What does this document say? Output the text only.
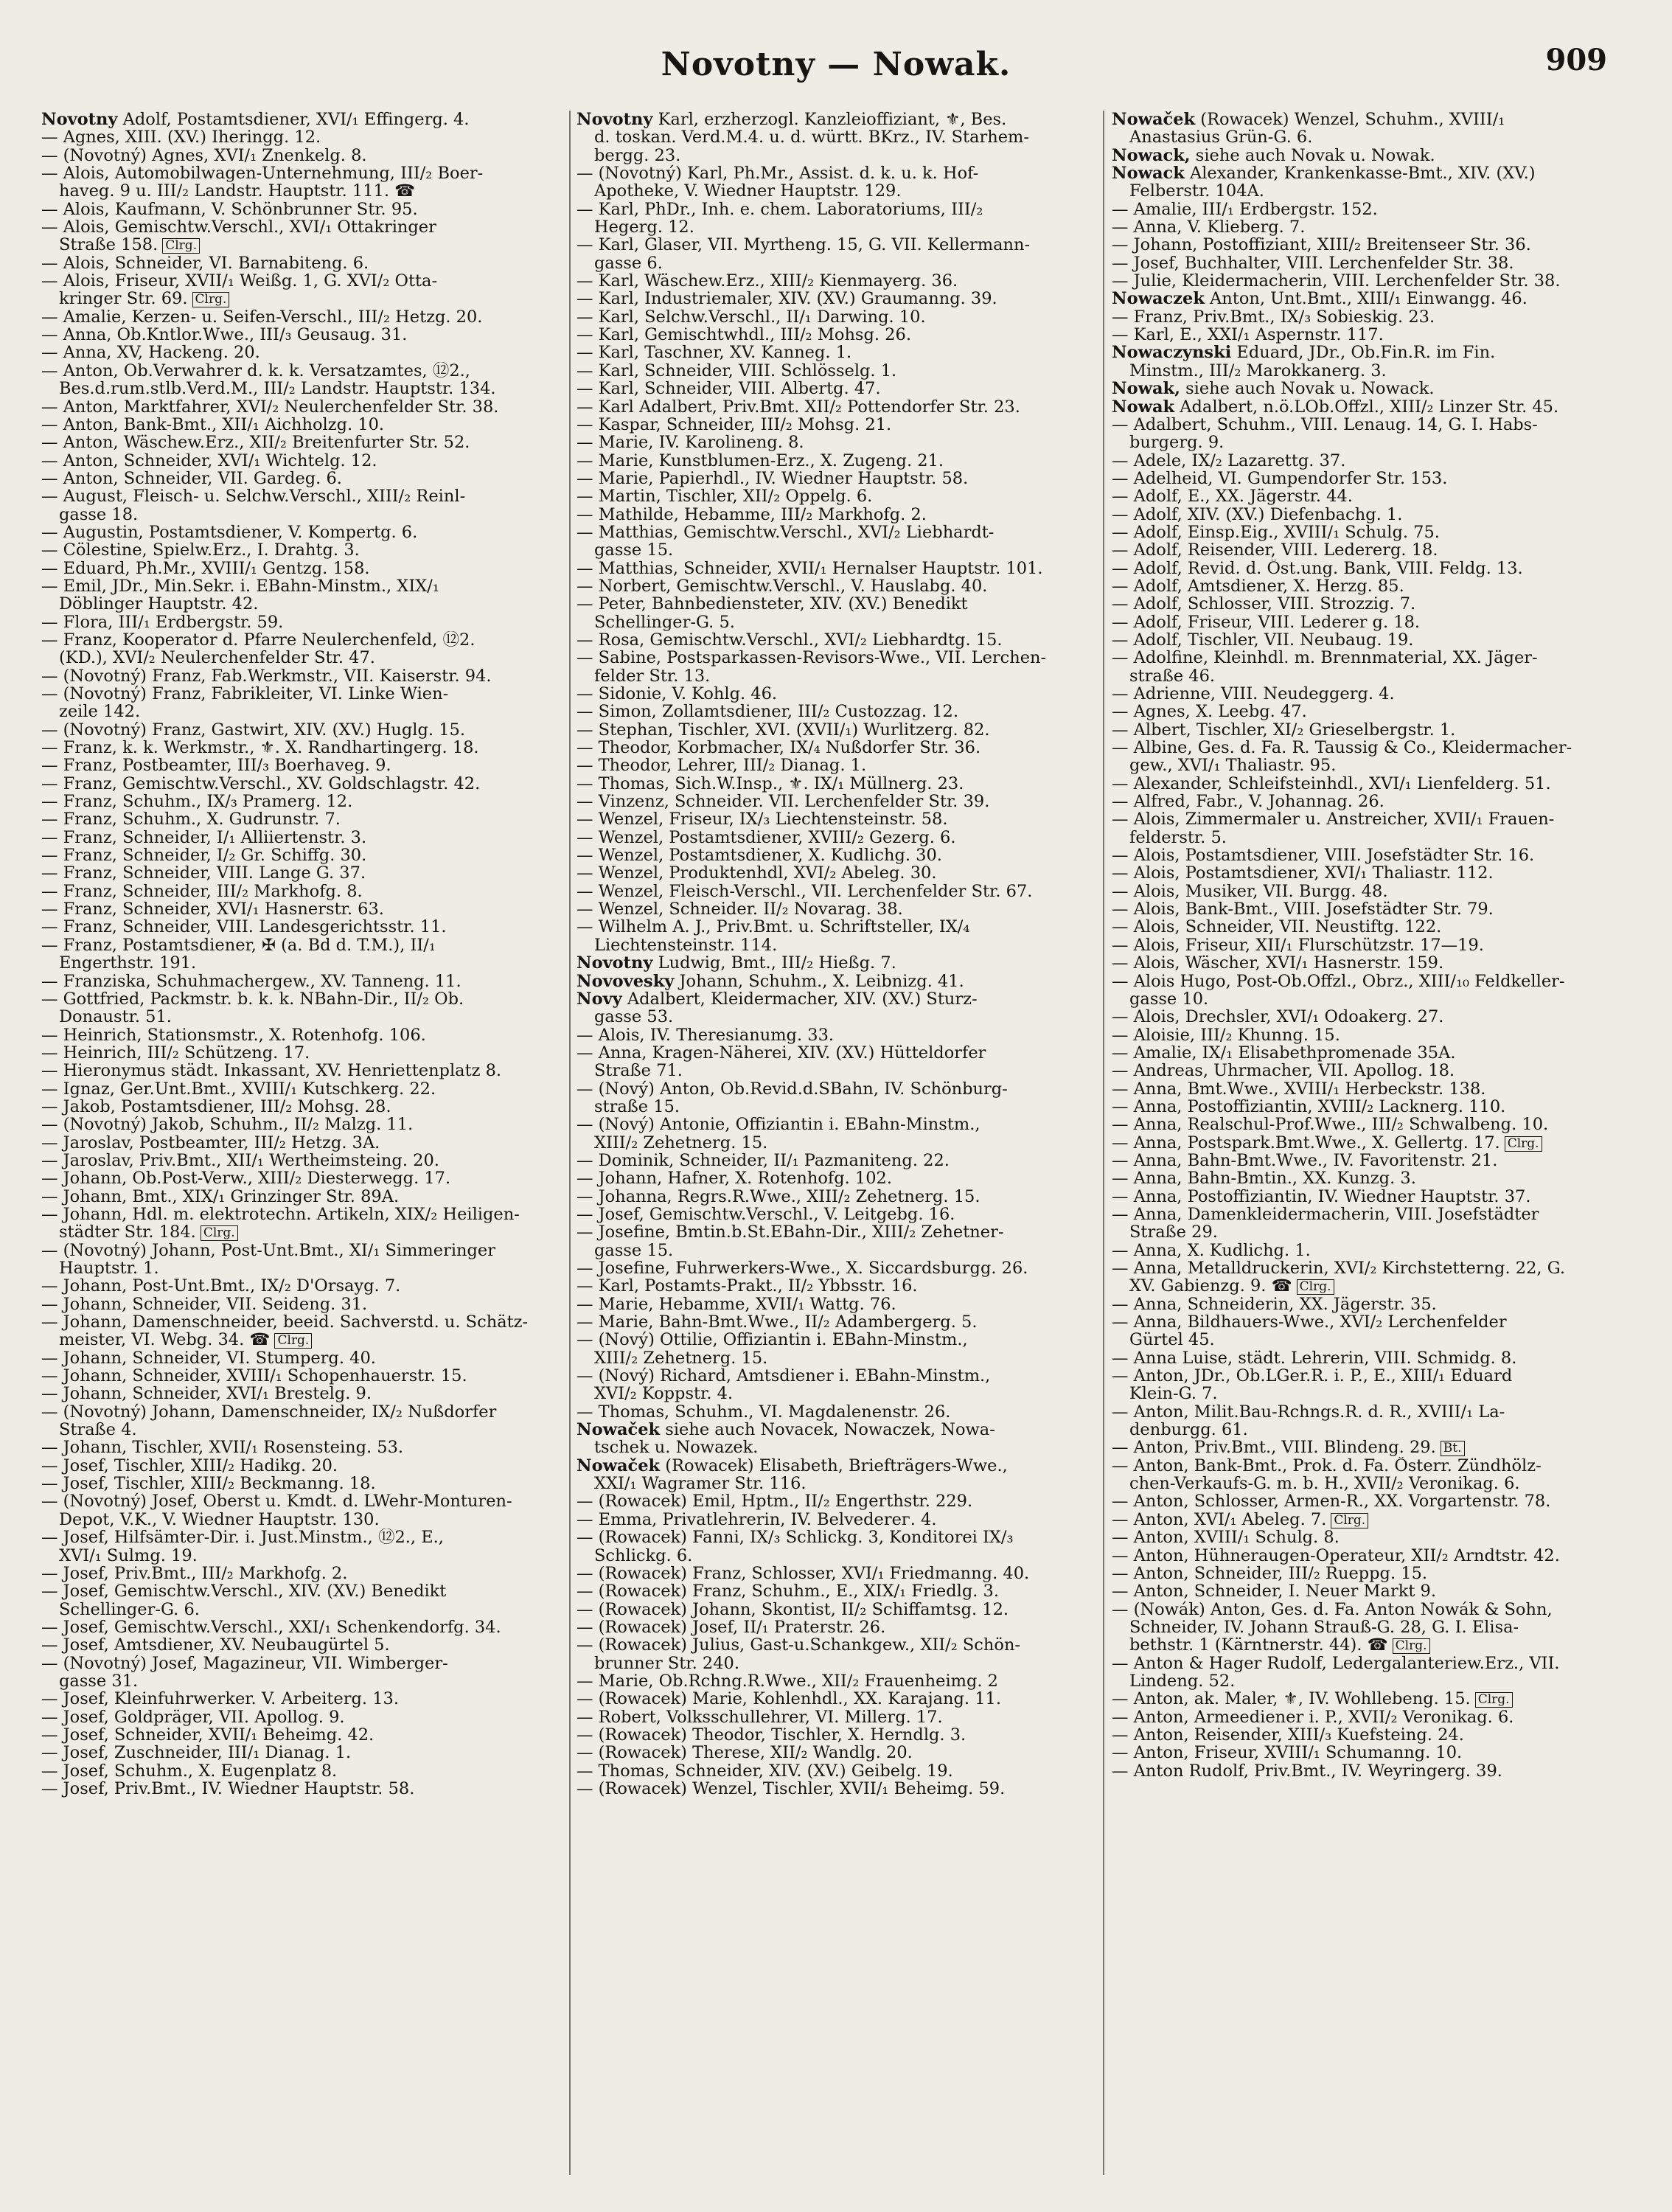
Novotny — Nowak.	909
Novotny Adolf, Postamtsdiener, XVI/₁ Effingerg. 4.
— Agnes, XIII. (XV.) Iheringg. 12.
— (Novotný) Agnes, XVI/₁ Znenkelg. 8.
— Alois, Automobilwagen-Unternehmung, III/₂ Boer-
haveg. 9 u. III/₂ Landstr. Hauptstr. 111. ☎
— Alois, Kaufmann, V. Schönbrunner Str. 95.
— Alois, Gemischtw.Verschl., XVI/₁ Ottakringer
Straße 158. Clrg.
— Alois, Schneider, VI. Barnabiteng. 6.
— Alois, Friseur, XVII/₁ Weißg. 1, G. XVI/₂ Otta-
kringer Str. 69. Clrg.
— Amalie, Kerzen- u. Seifen-Verschl., III/₂ Hetzg. 20.
— Anna, Ob.Kntlor.Wwe., III/₃ Geusaug. 31.
— Anna, XV, Hackeng. 20.
— Anton, Ob.Verwahrer d. k. k. Versatzamtes, ⑫2.,
Bes.d.rum.stlb.Verd.M., III/₂ Landstr. Hauptstr. 134.
— Anton, Marktfahrer, XVI/₂ Neulerchenfelder Str. 38.
— Anton, Bank-Bmt., XII/₁ Aichholzg. 10.
— Anton, Wäschew.Erz., XII/₂ Breitenfurter Str. 52.
— Anton, Schneider, XVI/₁ Wichtelg. 12.
— Anton, Schneider, VII. Gardeg. 6.
— August, Fleisch- u. Selchw.Verschl., XIII/₂ Reinl-
gasse 18.
— Augustin, Postamtsdiener, V. Kompertg. 6.
— Cölestine, Spielw.Erz., I. Drahtg. 3.
— Eduard, Ph.Mr., XVIII/₁ Gentzg. 158.
— Emil, JDr., Min.Sekr. i. EBahn-Minstm., XIX/₁
Döblinger Hauptstr. 42.
— Flora, III/₁ Erdbergstr. 59.
— Franz, Kooperator d. Pfarre Neulerchenfeld, ⑫2.
(KD.), XVI/₂ Neulerchenfelder Str. 47.
— (Novotný) Franz, Fab.Werkmstr., VII. Kaiserstr. 94.
— (Novotný) Franz, Fabrikleiter, VI. Linke Wien-
zeile 142.
— (Novotný) Franz, Gastwirt, XIV. (XV.) Huglg. 15.
— Franz, k. k. Werkmstr., ⚜. X. Randhartingerg. 18.
— Franz, Postbeamter, III/₃ Boerhaveg. 9.
— Franz, Gemischtw.Verschl., XV. Goldschlagstr. 42.
— Franz, Schuhm., IX/₃ Pramerg. 12.
— Franz, Schuhm., X. Gudrunstr. 7.
— Franz, Schneider, I/₁ Alliiertenstr. 3.
— Franz, Schneider, I/₂ Gr. Schiffg. 30.
— Franz, Schneider, VIII. Lange G. 37.
— Franz, Schneider, III/₂ Markhofg. 8.
— Franz, Schneider, XVI/₁ Hasnerstr. 63.
— Franz, Schneider, VIII. Landesgerichtsstr. 11.
— Franz, Postamtsdiener, ✠ (a. Bd d. T.M.), II/₁
Engerthstr. 191.
— Franziska, Schuhmachergew., XV. Tanneng. 11.
— Gottfried, Packmstr. b. k. k. NBahn-Dir., II/₂ Ob.
Donaustr. 51.
— Heinrich, Stationsmstr., X. Rotenhofg. 106.
— Heinrich, III/₂ Schützeng. 17.
— Hieronymus städt. Inkassant, XV. Henriettenplatz 8.
— Ignaz, Ger.Unt.Bmt., XVIII/₁ Kutschkerg. 22.
— Jakob, Postamtsdiener, III/₂ Mohsg. 28.
— (Novotný) Jakob, Schuhm., II/₂ Malzg. 11.
— Jaroslav, Postbeamter, III/₂ Hetzg. 3A.
— Jaroslav, Priv.Bmt., XII/₁ Wertheimsteing. 20.
— Johann, Ob.Post-Verw., XIII/₂ Diesterwegg. 17.
— Johann, Bmt., XIX/₁ Grinzinger Str. 89A.
— Johann, Hdl. m. elektrotechn. Artikeln, XIX/₂ Heiligen-
städter Str. 184. Clrg.
— (Novotný) Johann, Post-Unt.Bmt., XI/₁ Simmeringer
Hauptstr. 1.
— Johann, Post-Unt.Bmt., IX/₂ D'Orsayg. 7.
— Johann, Schneider, VII. Seideng. 31.
— Johann, Damenschneider, beeid. Sachverstd. u. Schätz-
meister, VI. Webg. 34. ☎ Clrg.
— Johann, Schneider, VI. Stumperg. 40.
— Johann, Schneider, XVIII/₁ Schopenhauerstr. 15.
— Johann, Schneider, XVI/₁ Brestelg. 9.
— (Novotný) Johann, Damenschneider, IX/₂ Nußdorfer
Straße 4.
— Johann, Tischler, XVII/₁ Rosensteing. 53.
— Josef, Tischler, XIII/₂ Hadikg. 20.
— Josef, Tischler, XIII/₂ Beckmanng. 18.
— (Novotný) Josef, Oberst u. Kmdt. d. LWehr-Monturen-
Depot, V.K., V. Wiedner Hauptstr. 130.
— Josef, Hilfsämter-Dir. i. Just.Minstm., ⑫2., E.,
XVI/₁ Sulmg. 19.
— Josef, Priv.Bmt., III/₂ Markhofg. 2.
— Josef, Gemischtw.Verschl., XIV. (XV.) Benedikt
Schellinger-G. 6.
— Josef, Gemischtw.Verschl., XXI/₁ Schenkendorfg. 34.
— Josef, Amtsdiener, XV. Neubaugürtel 5.
— (Novotný) Josef, Magazineur, VII. Wimberger-
gasse 31.
— Josef, Kleinfuhrwerker. V. Arbeiterg. 13.
— Josef, Goldpräger, VII. Apollog. 9.
— Josef, Schneider, XVII/₁ Beheimg. 42.
— Josef, Zuschneider, III/₁ Dianag. 1.
— Josef, Schuhm., X. Eugenplatz 8.
— Josef, Priv.Bmt., IV. Wiedner Hauptstr. 58.
Novotny Karl, erzherzogl. Kanzleioffiziant, ⚜, Bes.
d. toskan. Verd.M.4. u. d. württ. BKrz., IV. Starhem-
bergg. 23.
— (Novotný) Karl, Ph.Mr., Assist. d. k. u. k. Hof-
Apotheke, V. Wiedner Hauptstr. 129.
— Karl, PhDr., Inh. e. chem. Laboratoriums, III/₂
Hegerg. 12.
— Karl, Glaser, VII. Myrtheng. 15, G. VII. Kellermann-
gasse 6.
— Karl, Wäschew.Erz., XIII/₂ Kienmayerg. 36.
— Karl, Industriemaler, XIV. (XV.) Graumanng. 39.
— Karl, Selchw.Verschl., II/₁ Darwing. 10.
— Karl, Gemischtwhdl., III/₂ Mohsg. 26.
— Karl, Taschner, XV. Kanneg. 1.
— Karl, Schneider, VIII. Schlösselg. 1.
— Karl, Schneider, VIII. Albertg. 47.
— Karl Adalbert, Priv.Bmt. XII/₂ Pottendorfer Str. 23.
— Kaspar, Schneider, III/₂ Mohsg. 21.
— Marie, IV. Karolineng. 8.
— Marie, Kunstblumen-Erz., X. Zugeng. 21.
— Marie, Papierhdl., IV. Wiedner Hauptstr. 58.
— Martin, Tischler, XII/₂ Oppelg. 6.
— Mathilde, Hebamme, III/₂ Markhofg. 2.
— Matthias, Gemischtw.Verschl., XVI/₂ Liebhardt-
gasse 15.
— Matthias, Schneider, XVII/₁ Hernalser Hauptstr. 101.
— Norbert, Gemischtw.Verschl., V. Hauslabg. 40.
— Peter, Bahnbediensteter, XIV. (XV.) Benedikt
Schellinger-G. 5.
— Rosa, Gemischtw.Verschl., XVI/₂ Liebhardtg. 15.
— Sabine, Postsparkassen-Revisors-Wwe., VII. Lerchen-
felder Str. 13.
— Sidonie, V. Kohlg. 46.
— Simon, Zollamtsdiener, III/₂ Custozzag. 12.
— Stephan, Tischler, XVI. (XVII/₁) Wurlitzerg. 82.
— Theodor, Korbmacher, IX/₄ Nußdorfer Str. 36.
— Theodor, Lehrer, III/₂ Dianag. 1.
— Thomas, Sich.W.Insp., ⚜. IX/₁ Müllnerg. 23.
— Vinzenz, Schneider. VII. Lerchenfelder Str. 39.
— Wenzel, Friseur, IX/₃ Liechtensteinstr. 58.
— Wenzel, Postamtsdiener, XVIII/₂ Gezerg. 6.
— Wenzel, Postamtsdiener, X. Kudlichg. 30.
— Wenzel, Produktenhdl, XVI/₂ Abeleg. 30.
— Wenzel, Fleisch-Verschl., VII. Lerchenfelder Str. 67.
— Wenzel, Schneider. II/₂ Novarag. 38.
— Wilhelm A. J., Priv.Bmt. u. Schriftsteller, IX/₄
Liechtensteinstr. 114.
Novotny Ludwig, Bmt., III/₂ Hießg. 7.
Novovesky Johann, Schuhm., X. Leibnizg. 41.
Novy Adalbert, Kleidermacher, XIV. (XV.) Sturz-
gasse 53.
— Alois, IV. Theresianumg. 33.
— Anna, Kragen-Näherei, XIV. (XV.) Hütteldorfer
Straße 71.
— (Nový) Anton, Ob.Revid.d.SBahn, IV. Schönburg-
straße 15.
— (Nový) Antonie, Offiziantin i. EBahn-Minstm.,
XIII/₂ Zehetnerg. 15.
— Dominik, Schneider, II/₁ Pazmaniteng. 22.
— Johann, Hafner, X. Rotenhofg. 102.
— Johanna, Regrs.R.Wwe., XIII/₂ Zehetnerg. 15.
— Josef, Gemischtw.Verschl., V. Leitgebg. 16.
— Josefine, Bmtin.b.St.EBahn-Dir., XIII/₂ Zehetner-
gasse 15.
— Josefine, Fuhrwerkers-Wwe., X. Siccardsburgg. 26.
— Karl, Postamts-Prakt., II/₂ Ybbsstr. 16.
— Marie, Hebamme, XVII/₁ Wattg. 76.
— Marie, Bahn-Bmt.Wwe., II/₂ Adambergerg. 5.
— (Nový) Ottilie, Offiziantin i. EBahn-Minstm.,
XIII/₂ Zehetnerg. 15.
— (Nový) Richard, Amtsdiener i. EBahn-Minstm.,
XVI/₂ Koppstr. 4.
— Thomas, Schuhm., VI. Magdalenenstr. 26.
Nowaček siehe auch Novacek, Nowaczek, Nowa-
tschek u. Nowazek.
Nowaček (Rowacek) Elisabeth, Briefträgers-Wwe.,
XXI/₁ Wagramer Str. 116.
— (Rowacek) Emil, Hptm., II/₂ Engerthstr. 229.
— Emma, Privatlehrerin, IV. Belvederег. 4.
— (Rowacek) Fanni, IX/₃ Schlickg. 3, Konditorei IX/₃
Schlickg. 6.
— (Rowacek) Franz, Schlosser, XVI/₁ Friedmanng. 40.
— (Rowacek) Franz, Schuhm., E., XIX/₁ Friedlg. 3.
— (Rowacek) Johann, Skontist, II/₂ Schiffamtsg. 12.
— (Rowacek) Josef, II/₁ Praterstr. 26.
— (Rowacek) Julius, Gast-u.Schankgew., XII/₂ Schön-
brunner Str. 240.
— Marie, Ob.Rchng.R.Wwe., XII/₂ Frauenheimg. 2
— (Rowacek) Marie, Kohlenhdl., XX. Karajang. 11.
— Robert, Volksschullehrer, VI. Millerg. 17.
— (Rowacek) Theodor, Tischler, X. Herndlg. 3.
— (Rowacek) Therese, XII/₂ Wandlg. 20.
— Thomas, Schneider, XIV. (XV.) Geibelg. 19.
— (Rowacek) Wenzel, Tischler, XVII/₁ Beheimg. 59.
Nowaček (Rowacek) Wenzel, Schuhm., XVIII/₁
Anastasius Grün-G. 6.
Nowack, siehe auch Novak u. Nowak.
Nowack Alexander, Krankenkasse-Bmt., XIV. (XV.)
Felberstr. 104A.
— Amalie, III/₁ Erdbergstr. 152.
— Anna, V. Klieberg. 7.
— Johann, Postoffiziant, XIII/₂ Breitenseer Str. 36.
— Josef, Buchhalter, VIII. Lerchenfelder Str. 38.
— Julie, Kleidermacherin, VIII. Lerchenfelder Str. 38.
Nowaczek Anton, Unt.Bmt., XIII/₁ Einwangg. 46.
— Franz, Priv.Bmt., IX/₃ Sobieskig. 23.
— Karl, E., XXI/₁ Aspernstr. 117.
Nowaczynski Eduard, JDr., Ob.Fin.R. im Fin.
Minstm., III/₂ Marokkanerg. 3.
Nowak, siehe auch Novak u. Nowack.
Nowak Adalbert, n.ö.LOb.Offzl., XIII/₂ Linzer Str. 45.
— Adalbert, Schuhm., VIII. Lenaug. 14, G. I. Habs-
burgerg. 9.
— Adele, IX/₂ Lazarettg. 37.
— Adelheid, VI. Gumpendorfer Str. 153.
— Adolf, E., XX. Jägerstr. 44.
— Adolf, XIV. (XV.) Diefenbachg. 1.
— Adolf, Einsp.Eig., XVIII/₁ Schulg. 75.
— Adolf, Reisender, VIII. Ledererg. 18.
— Adolf, Revid. d. Öst.ung. Bank, VIII. Feldg. 13.
— Adolf, Amtsdiener, X. Herzg. 85.
— Adolf, Schlosser, VIII. Strozzig. 7.
— Adolf, Friseur, VIII. Lederer g. 18.
— Adolf, Tischler, VII. Neubaug. 19.
— Adolfine, Kleinhdl. m. Brennmaterial, XX. Jäger-
straße 46.
— Adrienne, VIII. Neudeggerg. 4.
— Agnes, X. Leebg. 47.
— Albert, Tischler, XI/₂ Grieselbergstr. 1.
— Albine, Ges. d. Fa. R. Taussig & Co., Kleidermacher-
gew., XVI/₁ Thaliastr. 95.
— Alexander, Schleifsteinhdl., XVI/₁ Lienfelderg. 51.
— Alfred, Fabr., V. Johannag. 26.
— Alois, Zimmermaler u. Anstreicher, XVII/₁ Frauen-
felderstr. 5.
— Alois, Postamtsdiener, VIII. Josefstädter Str. 16.
— Alois, Postamtsdiener, XVI/₁ Thaliastr. 112.
— Alois, Musiker, VII. Burgg. 48.
— Alois, Bank-Bmt., VIII. Josefstädter Str. 79.
— Alois, Schneider, VII. Neustiftg. 122.
— Alois, Friseur, XII/₁ Flurschützstr. 17—19.
— Alois, Wäscher, XVI/₁ Hasnerstr. 159.
— Alois Hugo, Post-Ob.Offzl., Obrz., XIII/₁₀ Feldkeller-
gasse 10.
— Alois, Drechsler, XVI/₁ Odoakerg. 27.
— Aloisie, III/₂ Khunng. 15.
— Amalie, IX/₁ Elisabethpromenade 35A.
— Andreas, Uhrmacher, VII. Apollog. 18.
— Anna, Bmt.Wwe., XVIII/₁ Herbeckstr. 138.
— Anna, Postoffiziantin, XVIII/₂ Lacknerg. 110.
— Anna, Realschul-Prof.Wwe., III/₂ Schwalbeng. 10.
— Anna, Postspark.Bmt.Wwe., X. Gellertg. 17. Clrg.
— Anna, Bahn-Bmt.Wwe., IV. Favoritenstr. 21.
— Anna, Bahn-Bmtin., XX. Kunzg. 3.
— Anna, Postoffiziantin, IV. Wiedner Hauptstr. 37.
— Anna, Damenkleidermacherin, VIII. Josefstädter
Straße 29.
— Anna, X. Kudlichg. 1.
— Anna, Metalldruckerin, XVI/₂ Kirchstetterng. 22, G.
XV. Gabienzg. 9. ☎ Clrg.
— Anna, Schneiderin, XX. Jägerstr. 35.
— Anna, Bildhauers-Wwe., XVI/₂ Lerchenfelder
Gürtel 45.
— Anna Luise, städt. Lehrerin, VIII. Schmidg. 8.
— Anton, JDr., Ob.LGer.R. i. P., E., XIII/₁ Eduard
Klein-G. 7.
— Anton, Milit.Bau-Rchngs.R. d. R., XVIII/₁ La-
denburgg. 61.
— Anton, Priv.Bmt., VIII. Blindeng. 29. Bt.
— Anton, Bank-Bmt., Prok. d. Fa. Österr. Zündhölz-
chen-Verkaufs-G. m. b. H., XVII/₂ Veronikag. 6.
— Anton, Schlosser, Armen-R., XX. Vorgartenstr. 78.
— Anton, XVI/₁ Abeleg. 7. Clrg.
— Anton, XVIII/₁ Schulg. 8.
— Anton, Hühneraugen-Operateur, XII/₂ Arndtstr. 42.
— Anton, Schneider, III/₂ Rueppg. 15.
— Anton, Schneider, I. Neuer Markt 9.
— (Nowák) Anton, Ges. d. Fa. Anton Nowák & Sohn,
Schneider, IV. Johann Strauß-G. 28, G. I. Elisa-
bethstr. 1 (Kärntnerstr. 44). ☎ Clrg.
— Anton & Hager Rudolf, Ledergalanteriew.Erz., VII.
Lindeng. 52.
— Anton, ak. Maler, ⚜, IV. Wohllebeng. 15. Clrg.
— Anton, Armeediener i. P., XVII/₂ Veronikag. 6.
— Anton, Reisender, XIII/₃ Kuefsteing. 24.
— Anton, Friseur, XVIII/₁ Schumanng. 10.
— Anton Rudolf, Priv.Bmt., IV. Weyringerg. 39.
